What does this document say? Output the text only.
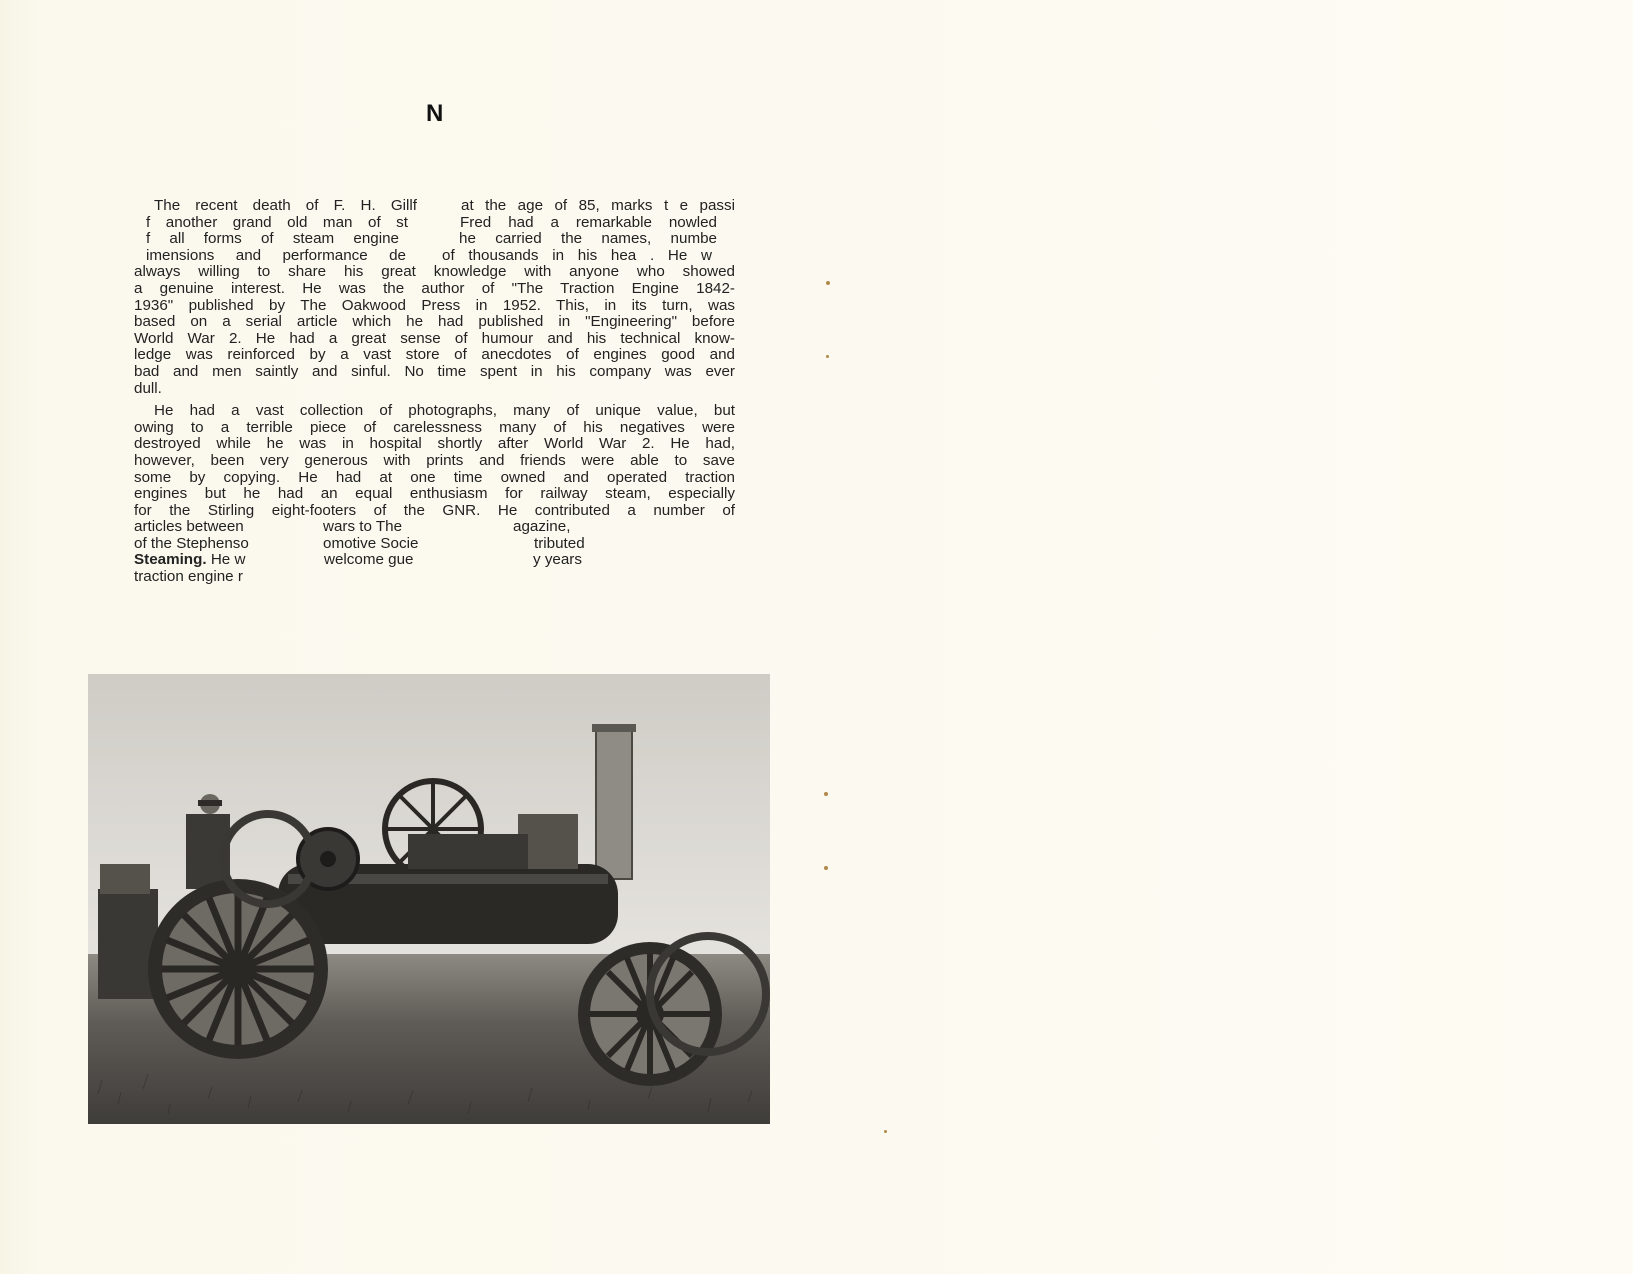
N
The recent death of F. H. Gillf	at the age of 85, marks t e passi
f another grand old man of st	Fred had a remarkable nowled
f all forms of steam engine	he carried the names, numbe
imensions and performance de of thousands in his hea . He w
always willing to share his great knowledge with anyone who showed
a genuine interest. He was the author of "The Traction Engine 1842-
1936" published by The Oakwood Press in 1952. This, in its turn, was
based on a serial article which he had published in "Engineering" before
World War 2. He had a great sense of humour and his technical know-
ledge was reinforced by a vast store of anecdotes of engines good and
bad and men saintly and sinful. No time spent in his company was ever
dull.
He had a vast collection of photographs, many of unique value, but
owing to a terrible piece of carelessness many of his negatives were
destroyed while he was in hospital shortly after World War 2. He had,
however, been very generous with prints and friends were able to save
some by copying. He had at one time owned and operated traction
engines but he had an equal enthusiasm for railway steam, especially
for the Stirling eight-footers of the GNR. He contributed a number of
articles between	wars to The	agazine,
of the Stephenso	omotive Socie	tributed
Steaming. He w	welcome gue	y years
traction engine r
